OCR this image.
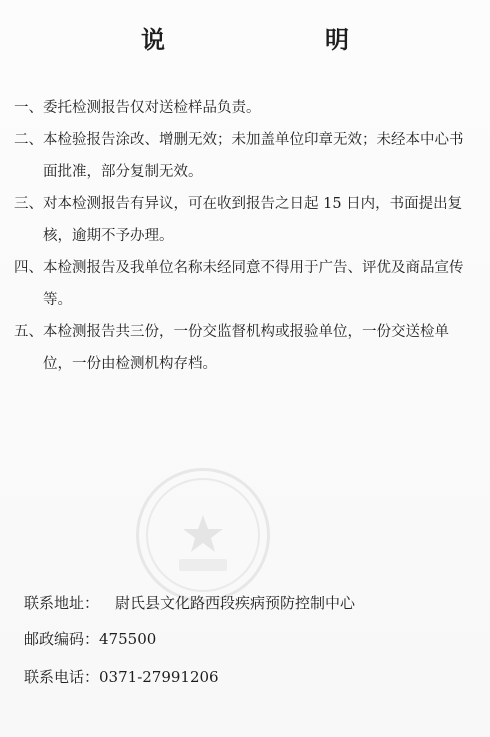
说　明
一、 委托检测报告仅对送检样品负责。
二、 本检验报告涂改、增删无效；未加盖单位印章无效；未经本中心书面批准，部分复制无效。
三、 对本检测报告有异议，可在收到报告之日起 15 日内，书面提出复核，逾期不予办理。
四、 本检测报告及我单位名称未经同意不得用于广告、评优及商品宣传等。
五、 本检测报告共三份，一份交监督机构或报验单位，一份交送检单位，一份由检测机构存档。
联系地址： 尉氏县文化路西段疾病预防控制中心
邮政编码：475500
联系电话：0371-27991206
